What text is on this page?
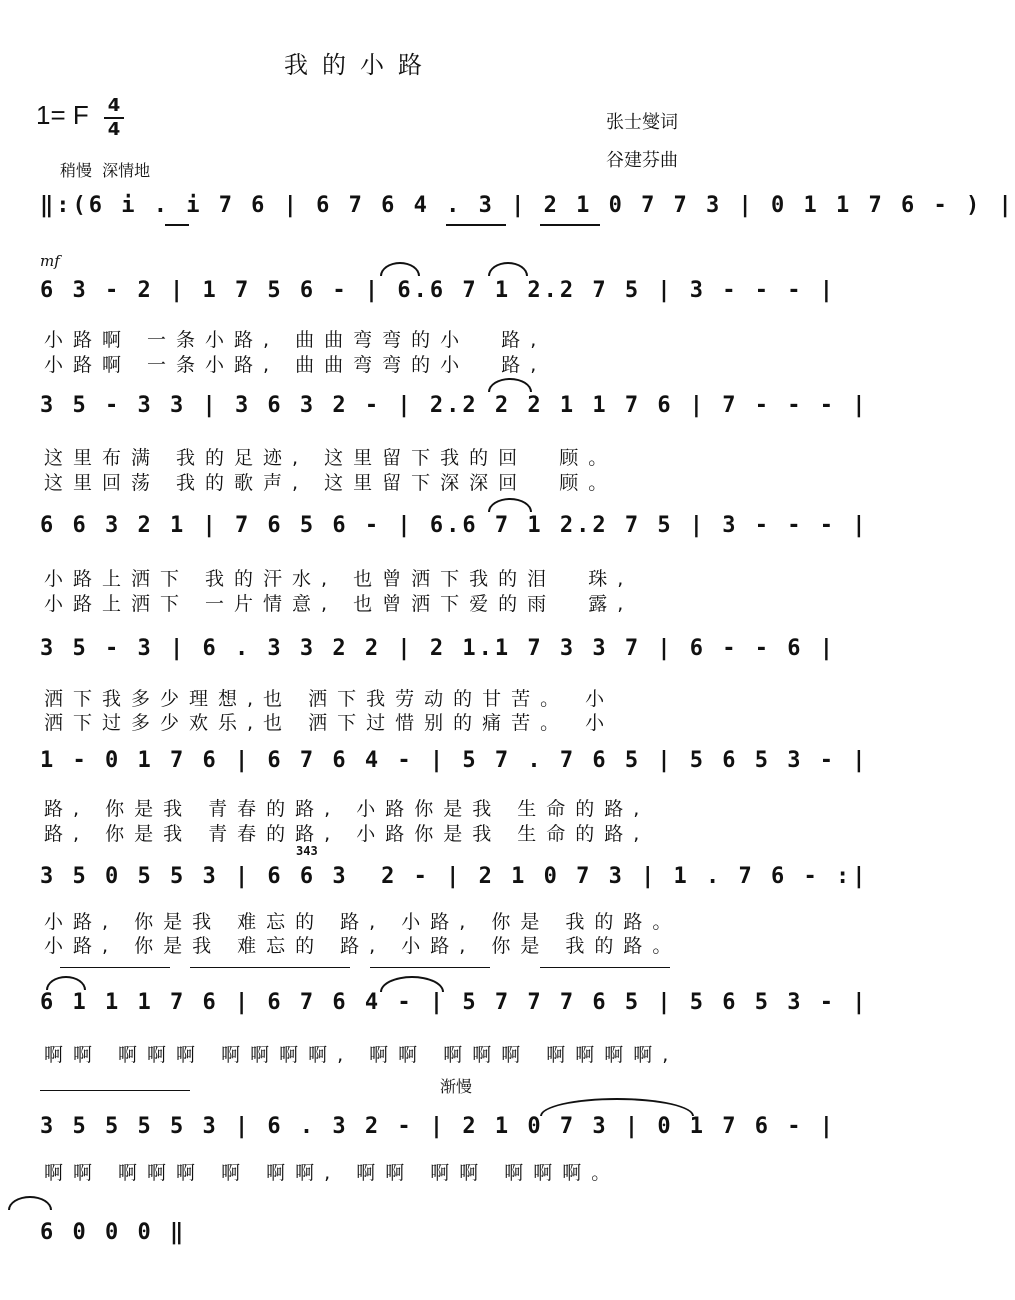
我的小路
1= F 4
4	张士燮词
谷建芬曲
稍慢  深情地
‖:(6 i . i 7 6 | 6 7 6 4 . 3 | 2 1 0 7 7 3 | 0 1 1 7 6 - ) |
mf
6 3 - 2 | 1 7 5 6 - | 6.6 7 1 2.2 7 5 | 3 - - - |
小路啊 一条小路, 曲曲弯弯的小  路,
小路啊 一条小路, 曲曲弯弯的小  路,
3 5 - 3 3 | 3 6 3 2 - | 2.2 2 2 1 1 7 6 | 7 - - - |
这里布满 我的足迹, 这里留下我的回  顾。
这里回荡 我的歌声, 这里留下深深回  顾。
6 6 3 2 1 | 7 6 5 6 - | 6.6 7 1 2.2 7 5 | 3 - - - |
小路上洒下 我的汗水, 也曾洒下我的泪  珠,
小路上洒下 一片情意, 也曾洒下爱的雨  露,
3 5 - 3 | 6 . 3 3 2 2 | 2 1.1 7 3 3 7 | 6 - - 6 |
洒下我多少理想,也 洒下我劳动的甘苦。 小
洒下过多少欢乐,也 洒下过惜别的痛苦。 小
1 - 0 1 7 6 | 6 7 6 4 - | 5 7 . 7 6 5 | 5 6 5 3 - |
路, 你是我 青春的路, 小路你是我 生命的路,
路, 你是我 青春的路, 小路你是我 生命的路,
343
3 5 0 5 5 3 | 6 6 3  2 - | 2 1 0 7 3 | 1 . 7 6 - :|
小路, 你是我 难忘的 路, 小路, 你是 我的路。
小路, 你是我 难忘的 路, 小路, 你是 我的路。
6 1 1 1 7 6 | 6 7 6 4 - | 5 7 7 7 6 5 | 5 6 5 3 - |
啊啊 啊啊啊 啊啊啊啊, 啊啊 啊啊啊 啊啊啊啊,
渐慢
3 5 5 5 5 3 | 6 . 3 2 - | 2 1 0 7 3 | 0 1 7 6 - |
啊啊 啊啊啊 啊 啊啊, 啊啊 啊啊 啊啊啊。
6 0 0 0 ‖
